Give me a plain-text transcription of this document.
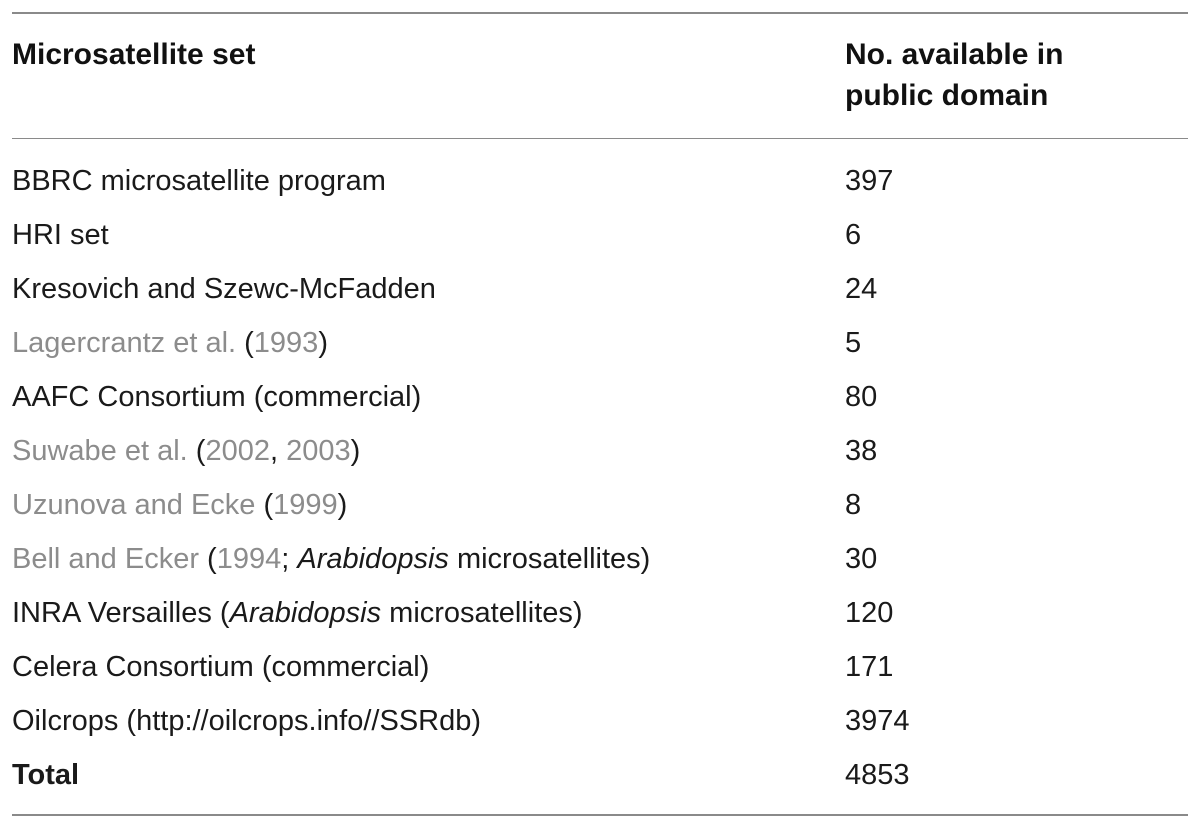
Microsatellite set	No. available in
public domain
BBRC microsatellite program	397
HRI set	6
Kresovich and Szewc-McFadden	24
Lagercrantz et al. (1993)	5
AAFC Consortium (commercial)	80
Suwabe et al. (2002, 2003)	38
Uzunova and Ecke (1999)	8
Bell and Ecker (1994; Arabidopsis microsatellites)	30
INRA Versailles (Arabidopsis microsatellites)	120
Celera Consortium (commercial)	171
Oilcrops (http://oilcrops.info//SSRdb)	3974
Total	4853
